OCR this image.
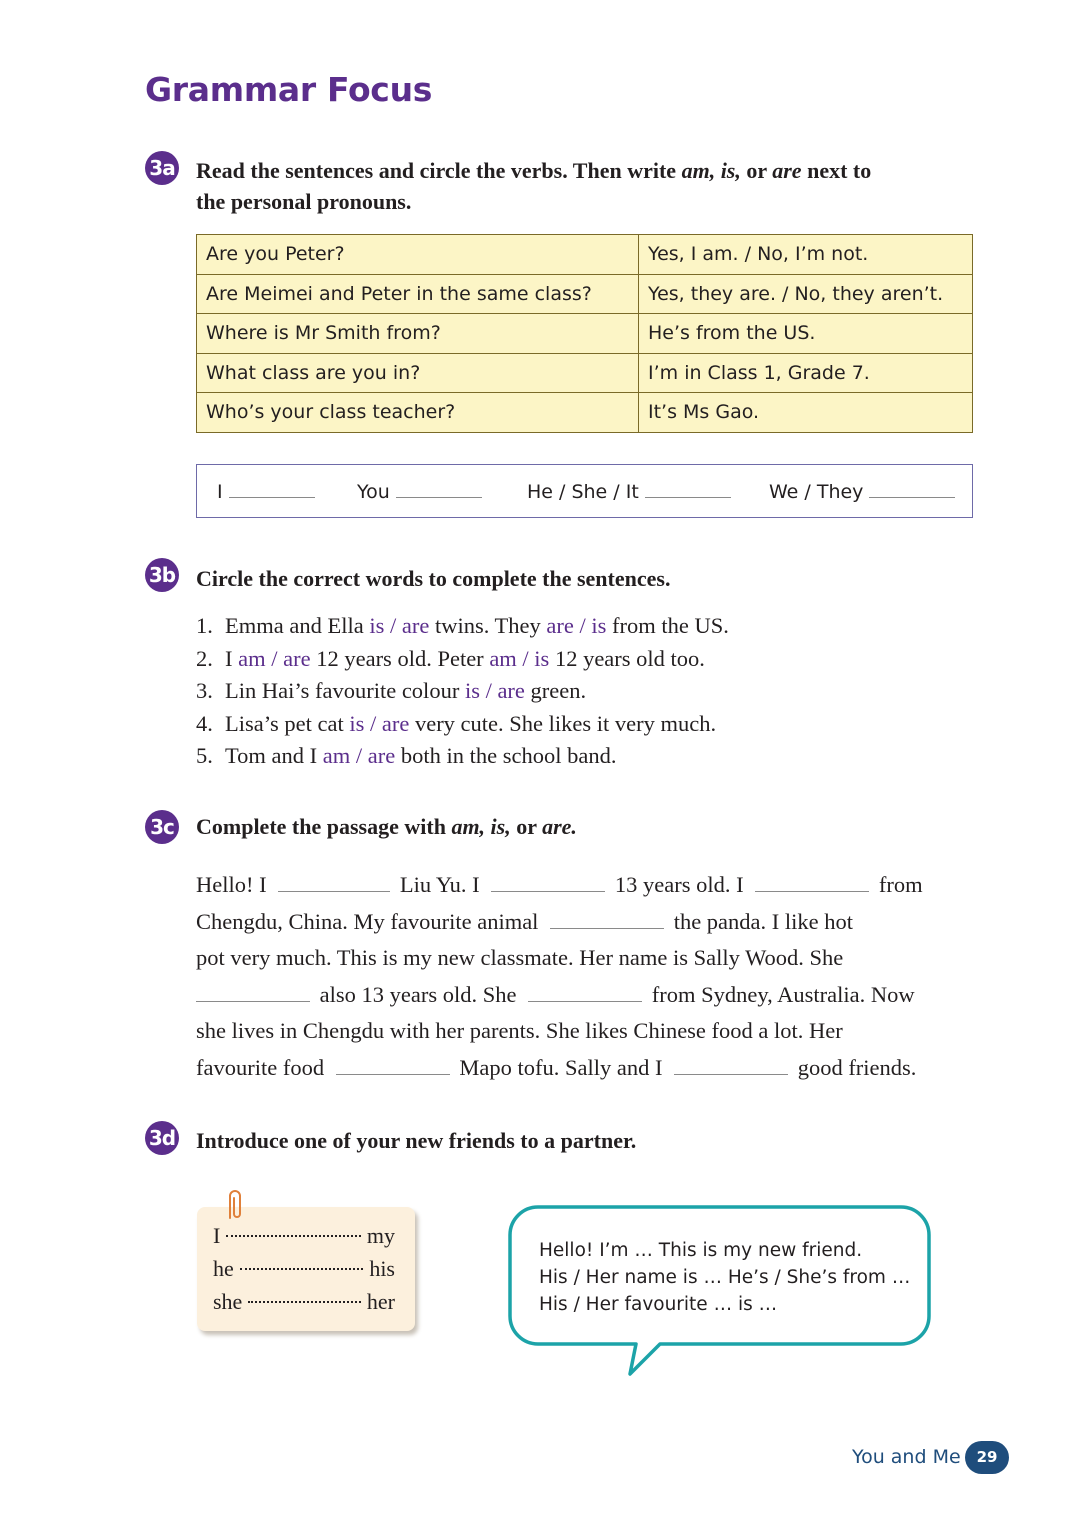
Grammar Focus
3a Read the sentences and circle the verbs. Then write am, is, or are next to
the personal pronouns.
Are you Peter?	Yes, I am. / No, I’m not.
Are Meimei and Peter in the same class?	Yes, they are. / No, they aren’t.
Where is Mr Smith from?	He’s from the US.
What class are you in?	I’m in Class 1, Grade 7.
Who’s your class teacher?	It’s Ms Gao.
I	You	He / She / It	We / They
3b Circle the correct words to complete the sentences.
1. Emma and Ella is / are twins. They are / is from the US.
2. I am / are 12 years old. Peter am / is 12 years old too.
3. Lin Hai’s favourite colour is / are green.
4. Lisa’s pet cat is / are very cute. She likes it very much.
5. Tom and I am / are both in the school band.
3c Complete the passage with am, is, or are.
Hello! I	Liu Yu. I	13 years old. I	from
Chengdu, China. My favourite animal	the panda. I like hot
pot very much. This is my new classmate. Her name is Sally Wood. She
also 13 years old. She	from Sydney, Australia. Now
she lives in Chengdu with her parents. She likes Chinese food a lot. Her
favourite food	Mapo tofu. Sally and I	good friends.
3d Introduce one of your new friends to a partner.
I	my
he	his
she	her
Hello! I’m … This is my new friend.
His / Her name is … He’s / She’s from …
His / Her favourite … is …
You and Me	29
